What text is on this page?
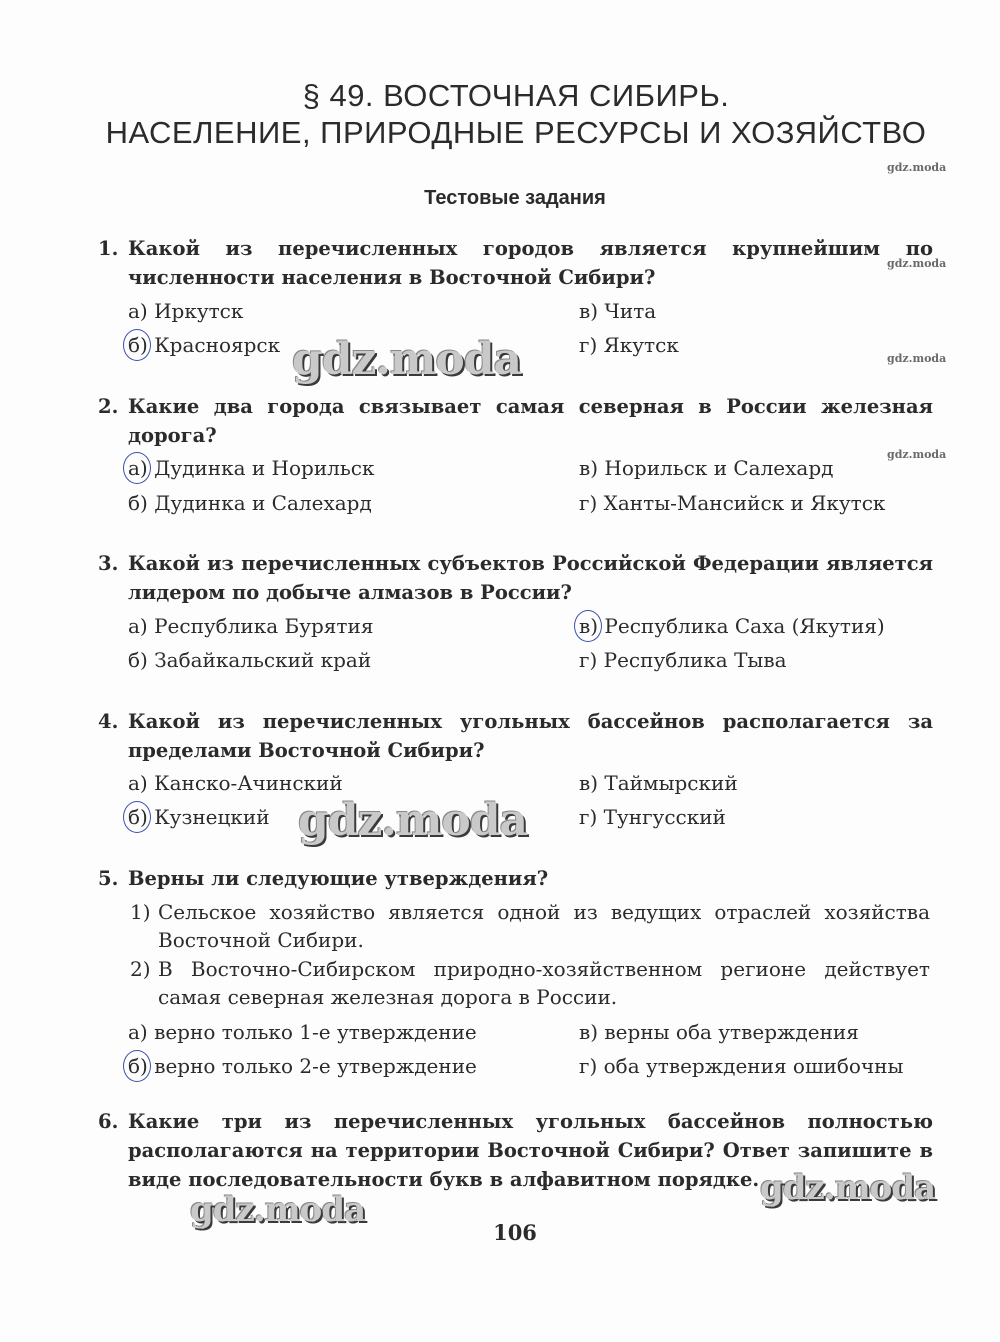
§ 49. ВОСТОЧНАЯ СИБИРЬ.
НАСЕЛЕНИЕ, ПРИРОДНЫЕ РЕСУРСЫ И ХОЗЯЙСТВО
gdz.moda
Тестовые задания
1. Какой из перечисленных городов является крупнейшим по численности населения в Восточной Сибири?
gdz.moda
а) Иркутск	в) Чита
б) Красноярск	г) Якутск
gdz.moda	gdz.moda
2. Какие два города связывает самая северная в России железная дорога?
gdz.moda
а) Дудинка и Норильск	в) Норильск и Салехард
б) Дудинка и Салехард	г) Ханты-Мансийск и Якутск
3. Какой из перечисленных субъектов Российской Федерации является лидером по добыче алмазов в России?
а) Республика Бурятия	в) Республика Саха (Якутия)
б) Забайкальский край	г) Республика Тыва
4. Какой из перечисленных угольных бассейнов располагается за пределами Восточной Сибири?
а) Канско-Ачинский	в) Таймырский
б) Кузнецкий	г) Тунгусский
gdz.moda
5. Верны ли следующие утверждения?
1) Сельское хозяйство является одной из ведущих отраслей хозяйства Восточной Сибири.
2) В Восточно-Сибирском природно-хозяйственном регионе действует самая северная железная дорога в России.
а) верно только 1-е утверждение	в) верны оба утверждения
б) верно только 2-е утверждение	г) оба утверждения ошибочны
6. Какие три из перечисленных угольных бассейнов полностью располагаются на территории Восточной Сибири? Ответ запишите в виде последовательности букв в алфавитном порядке. gdz.moda
gdz.moda
106
